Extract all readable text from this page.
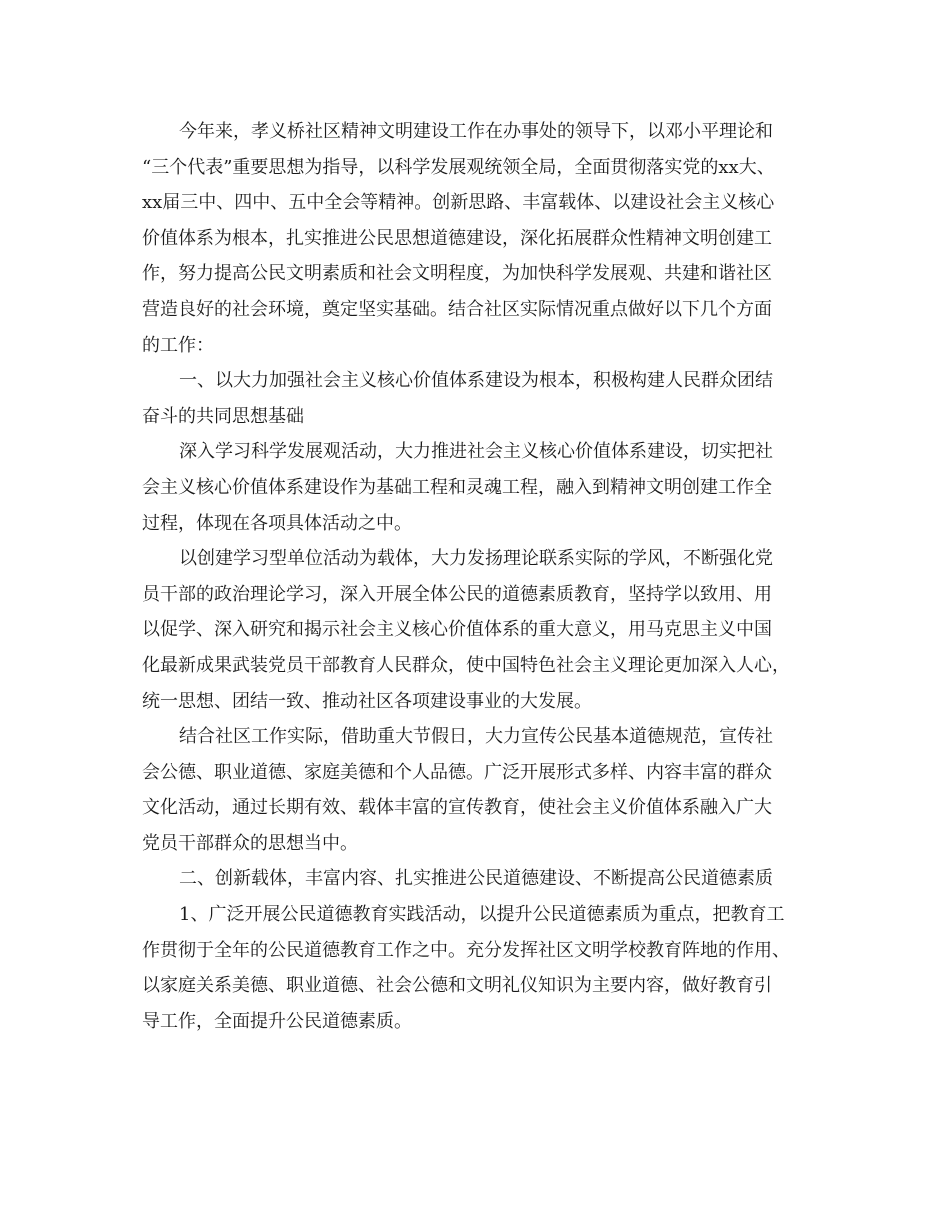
今年来，孝义桥社区精神文明建设工作在办事处的领导下，以邓小平理论和
“三个代表”重要思想为指导，以科学发展观统领全局，全面贯彻落实党的xx大、
xx届三中、四中、五中全会等精神。创新思路、丰富载体、以建设社会主义核心
价值体系为根本，扎实推进公民思想道德建设，深化拓展群众性精神文明创建工
作，努力提高公民文明素质和社会文明程度，为加快科学发展观、共建和谐社区
营造良好的社会环境，奠定坚实基础。结合社区实际情况重点做好以下几个方面
的工作：
一、以大力加强社会主义核心价值体系建设为根本，积极构建人民群众团结
奋斗的共同思想基础
深入学习科学发展观活动，大力推进社会主义核心价值体系建设，切实把社
会主义核心价值体系建设作为基础工程和灵魂工程，融入到精神文明创建工作全
过程，体现在各项具体活动之中。
以创建学习型单位活动为载体，大力发扬理论联系实际的学风，不断强化党
员干部的政治理论学习，深入开展全体公民的道德素质教育，坚持学以致用、用
以促学、深入研究和揭示社会主义核心价值体系的重大意义，用马克思主义中国
化最新成果武装党员干部教育人民群众，使中国特色社会主义理论更加深入人心，
统一思想、团结一致、推动社区各项建设事业的大发展。
结合社区工作实际，借助重大节假日，大力宣传公民基本道德规范，宣传社
会公德、职业道德、家庭美德和个人品德。广泛开展形式多样、内容丰富的群众
文化活动，通过长期有效、载体丰富的宣传教育，使社会主义价值体系融入广大
党员干部群众的思想当中。
二、创新载体，丰富内容、扎实推进公民道德建设、不断提高公民道德素质
1、广泛开展公民道德教育实践活动，以提升公民道德素质为重点，把教育工
作贯彻于全年的公民道德教育工作之中。充分发挥社区文明学校教育阵地的作用、
以家庭关系美德、职业道德、社会公德和文明礼仪知识为主要内容，做好教育引
导工作，全面提升公民道德素质。
